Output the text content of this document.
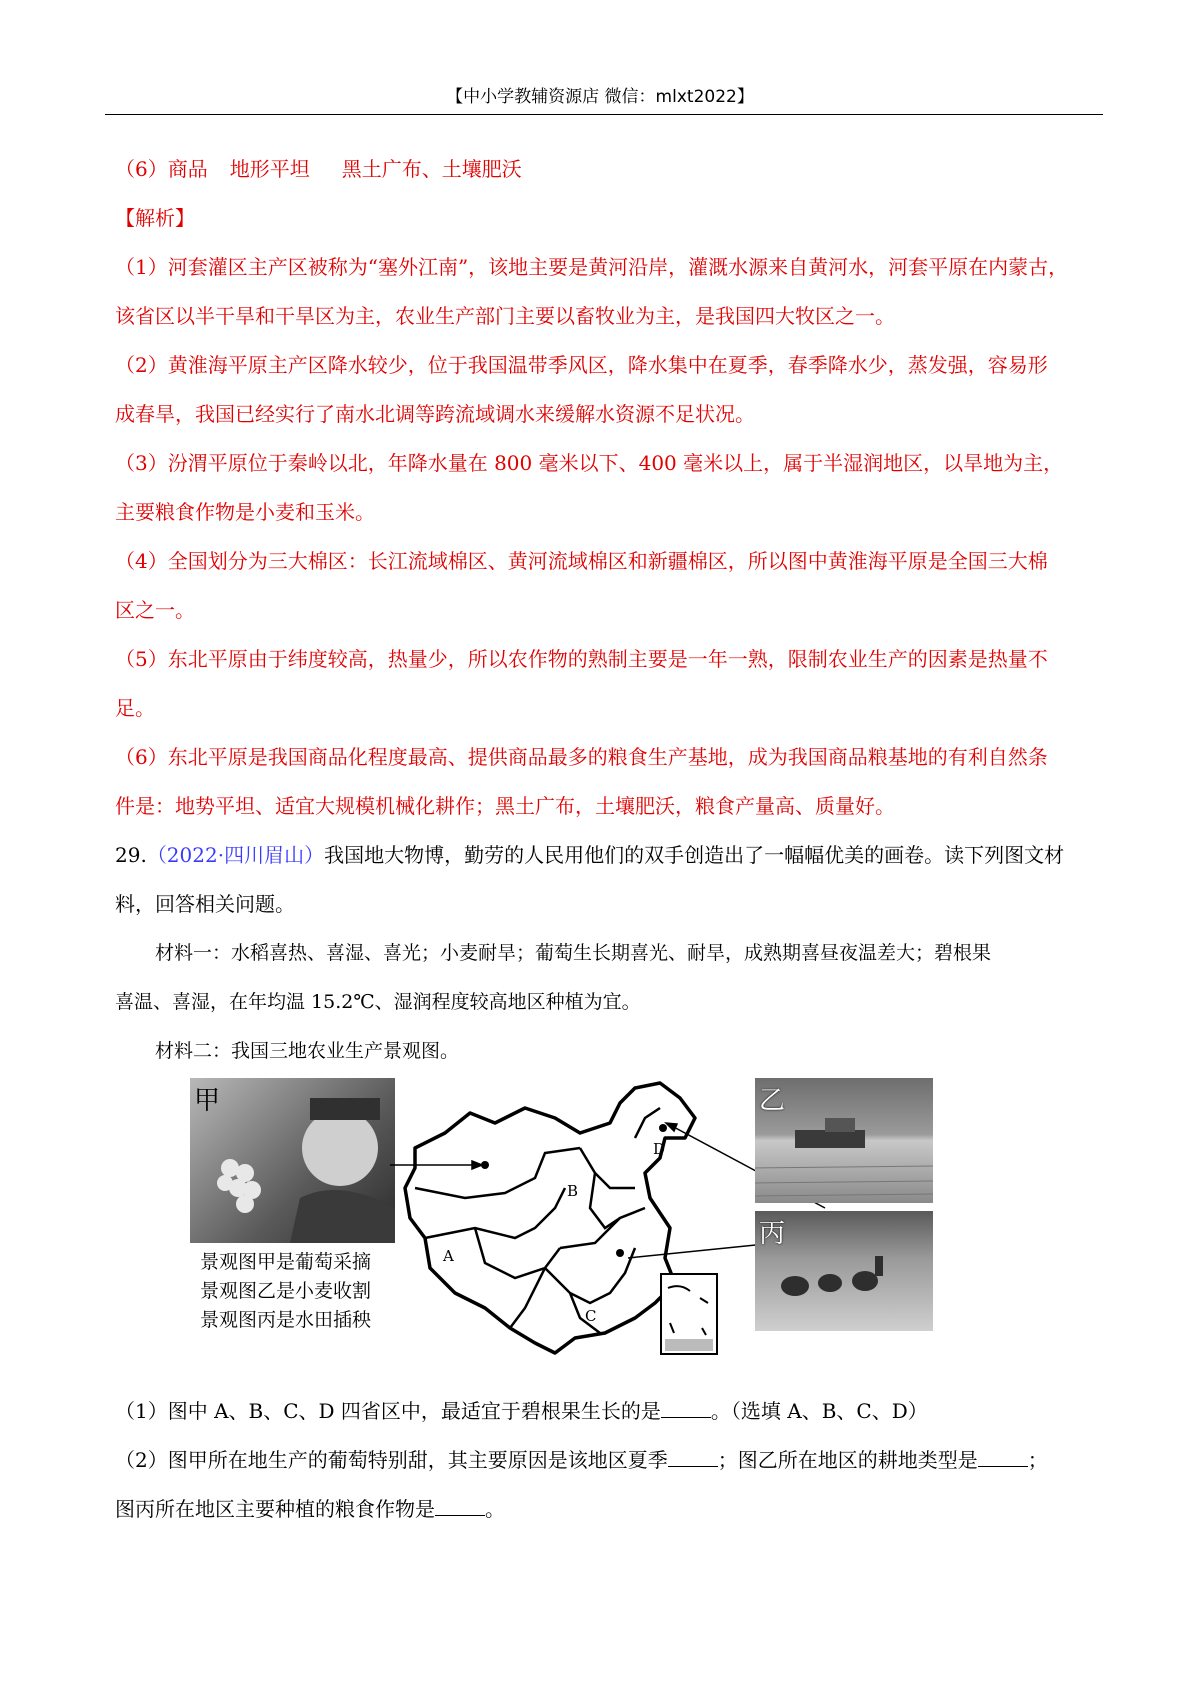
【中小学教辅资源店 微信：mlxt2022】
（6）商品 地形平坦 黑土广布、土壤肥沃
【解析】
（1）河套灌区主产区被称为“塞外江南”，该地主要是黄河沿岸，灌溉水源来自黄河水，河套平原在内蒙古，
该省区以半干旱和干旱区为主，农业生产部门主要以畜牧业为主，是我国四大牧区之一。
（2）黄淮海平原主产区降水较少，位于我国温带季风区，降水集中在夏季，春季降水少，蒸发强，容易形
成春旱，我国已经实行了南水北调等跨流域调水来缓解水资源不足状况。
（3）汾渭平原位于秦岭以北，年降水量在 800 毫米以下、400 毫米以上，属于半湿润地区，以旱地为主，
主要粮食作物是小麦和玉米。
（4）全国划分为三大棉区：长江流域棉区、黄河流域棉区和新疆棉区，所以图中黄淮海平原是全国三大棉
区之一。
（5）东北平原由于纬度较高，热量少，所以农作物的熟制主要是一年一熟，限制农业生产的因素是热量不
足。
（6）东北平原是我国商品化程度最高、提供商品最多的粮食生产基地，成为我国商品粮基地的有利自然条
件是：地势平坦、适宜大规模机械化耕作；黑土广布，土壤肥沃，粮食产量高、质量好。
29.（2022·四川眉山）我国地大物博，勤劳的人民用他们的双手创造出了一幅幅优美的画卷。读下列图文材
料，回答相关问题。
材料一：水稻喜热、喜湿、喜光；小麦耐旱；葡萄生长期喜光、耐旱，成熟期喜昼夜温差大；碧根果
喜温、喜湿，在年均温 15.2℃、湿润程度较高地区种植为宜。
材料二：我国三地农业生产景观图。
甲
景观图甲是葡萄采摘
景观图乙是小麦收割
景观图丙是水田插秧
A
B
C
D
乙
丙
（1）图中 A、B、C、D 四省区中，最适宜于碧根果生长的是	。（选填 A、B、C、D）
（2）图甲所在地生产的葡萄特别甜，其主要原因是该地区夏季	；图乙所在地区的耕地类型是	；
图丙所在地区主要种植的粮食作物是	。
